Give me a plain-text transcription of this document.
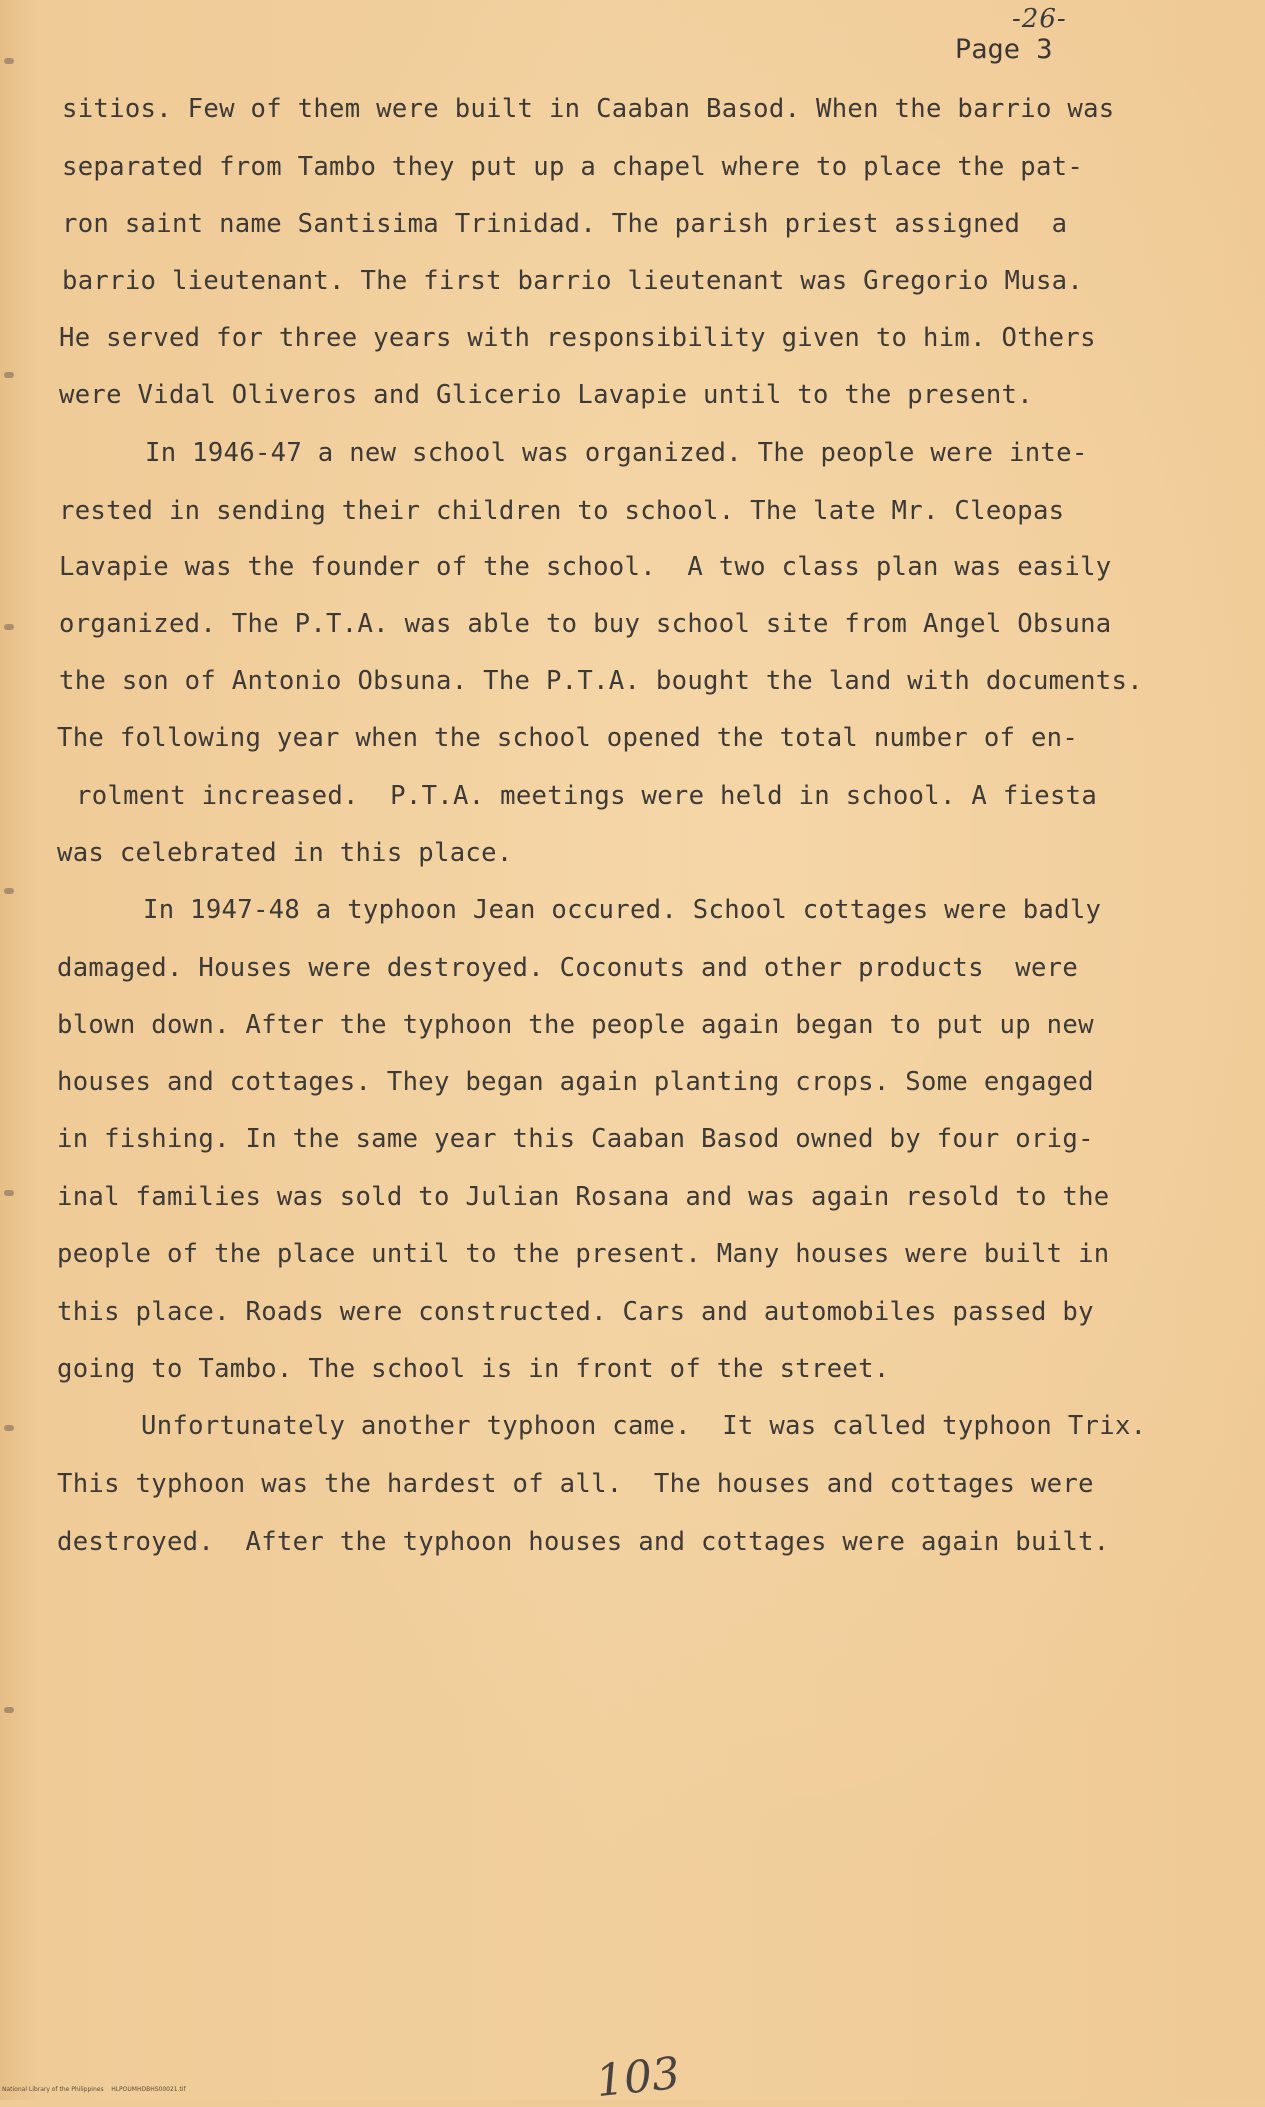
-26-
Page 3
sitios. Few of them were built in Caaban Basod. When the barrio was
separated from Tambo they put up a chapel where to place the pat-
ron saint name Santisima Trinidad. The parish priest assigned  a
barrio lieutenant. The first barrio lieutenant was Gregorio Musa.
He served for three years with responsibility given to him. Others
were Vidal Oliveros and Glicerio Lavapie until to the present.
In 1946-47 a new school was organized. The people were inte-
rested in sending their children to school. The late Mr. Cleopas
Lavapie was the founder of the school.  A two class plan was easily
organized. The P.T.A. was able to buy school site from Angel Obsuna
the son of Antonio Obsuna. The P.T.A. bought the land with documents.
The following year when the school opened the total number of en-
rolment increased.  P.T.A. meetings were held in school. A fiesta
was celebrated in this place.
In 1947-48 a typhoon Jean occured. School cottages were badly
damaged. Houses were destroyed. Coconuts and other products  were
blown down. After the typhoon the people again began to put up new
houses and cottages. They began again planting crops. Some engaged
in fishing. In the same year this Caaban Basod owned by four orig-
inal families was sold to Julian Rosana and was again resold to the
people of the place until to the present. Many houses were built in
this place. Roads were constructed. Cars and automobiles passed by
going to Tambo. The school is in front of the street.
Unfortunately another typhoon came.  It was called typhoon Trix.
This typhoon was the hardest of all.  The houses and cottages were
destroyed.  After the typhoon houses and cottages were again built.
103
National Library of the Philippines    HLPOUMHDBHS00021.tif
